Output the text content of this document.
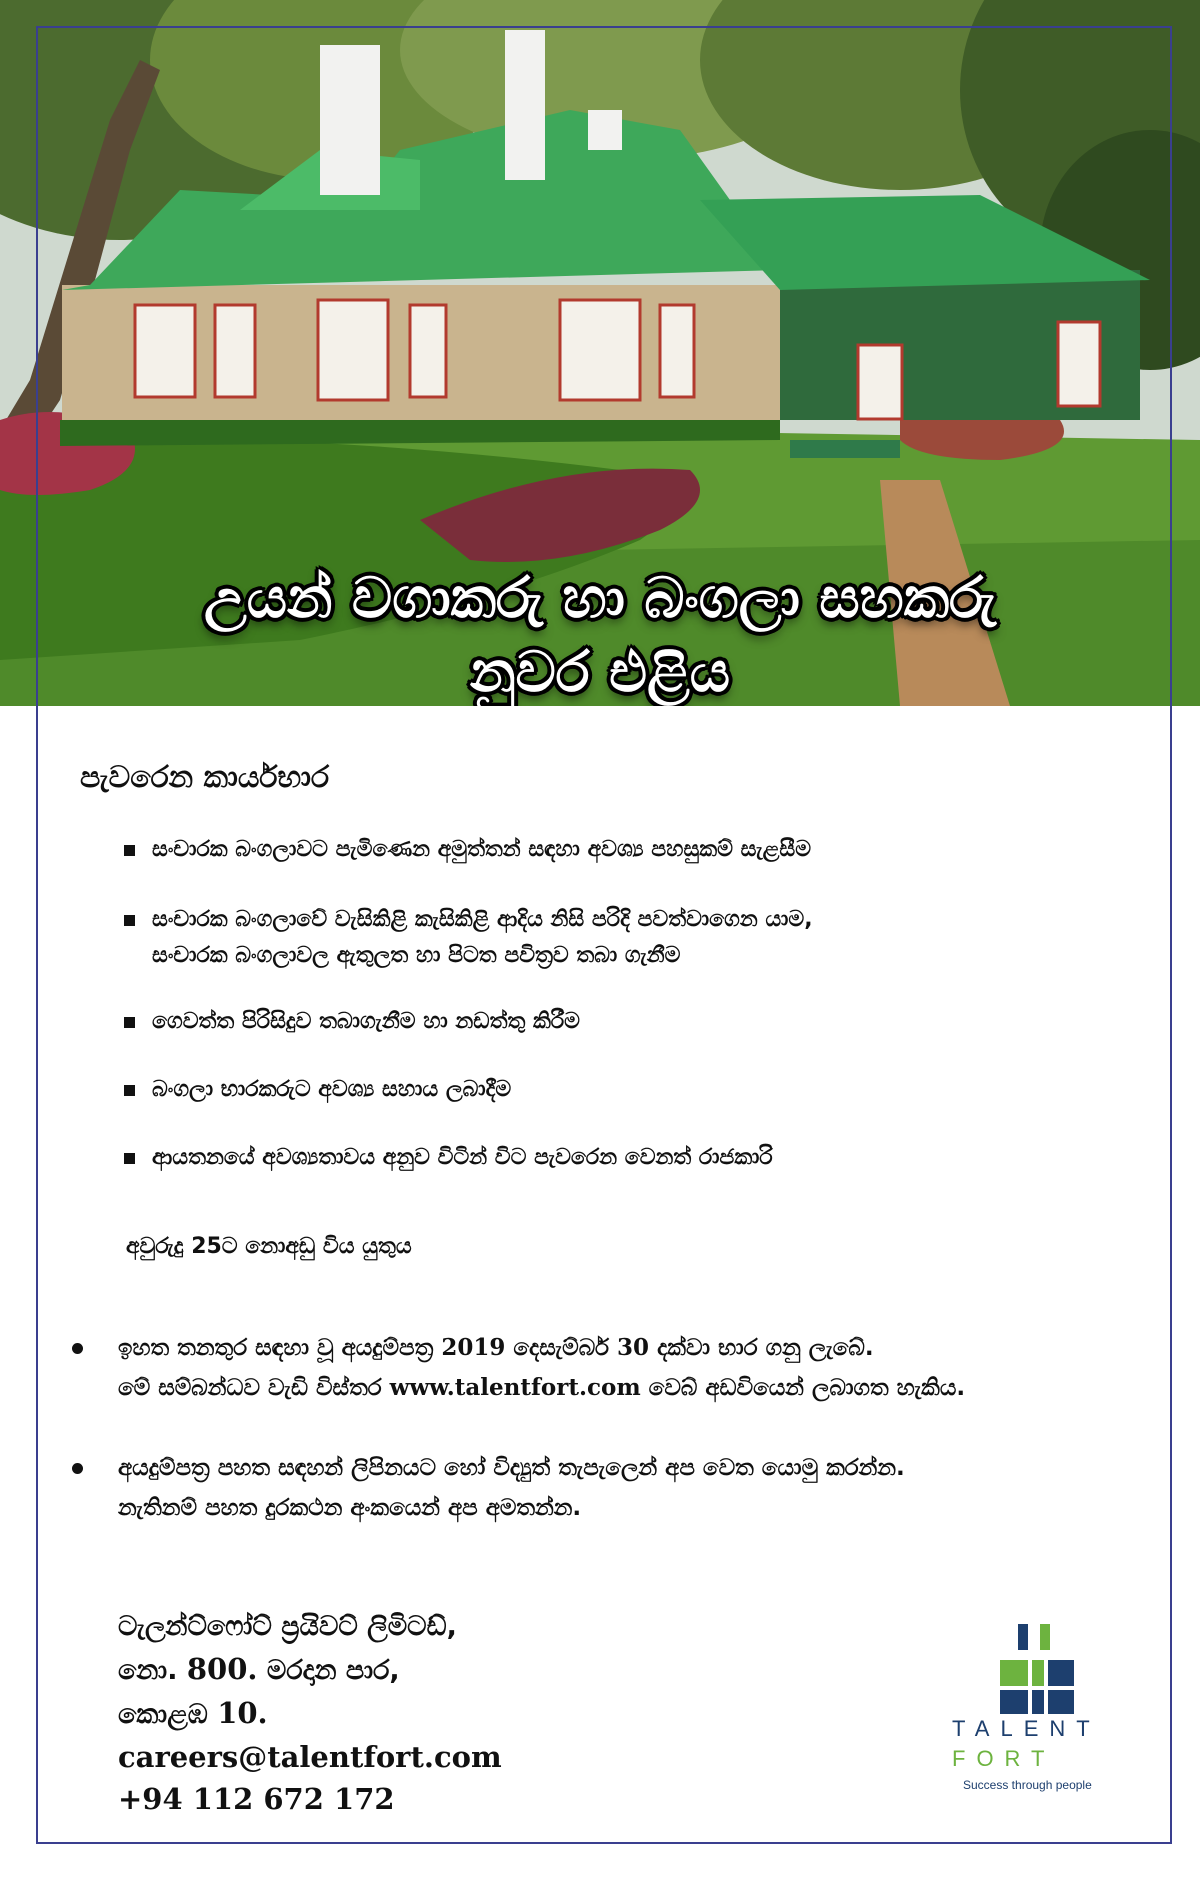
උයන් වගාකරු හා බංගලා සහකරු
නුවර එළිය
පැවරෙන කාර්යභාර
සංචාරක බංගලාවට පැමිණෙන අමුත්තන් සඳහා අවශ්‍ය පහසුකම් සැළසීම
සංචාරක බංගලාවේ වැසිකිළි කැසිකිළි ආදිය නිසි පරිදි පවත්වාගෙන යාම,
සංචාරක බංගලාවල ඇතුලත හා පිටත පවිත්‍රව තබා ගැනීම
ගෙවත්ත පිරිසිදුව තබාගැනීම හා නඩත්තු කිරීම
බංගලා භාරකරුට අවශ්‍ය සහාය ලබාදීම
ආයතනයේ අවශ්‍යතාවය අනුව විටින් විට පැවරෙන වෙනත් රාජකාරි
අවුරුදු 25ට නොඅඩු විය යුතුය
ඉහත තනතුර සඳහා වූ අයදුම්පත්‍ර 2019 දෙසැම්බර් 30 දක්වා භාර ගනු ලැබේ.
මේ සම්බන්ධව වැඩි විස්තර www.talentfort.com වෙබ් අඩවියෙන් ලබාගත හැකිය.
අයදුම්පත්‍ර පහත සඳහන් ලිපිනයට හෝ විද්‍යුත් තැපැලෙන් අප වෙත යොමු කරන්න.
නැතිනම් පහත දුරකථන අංකයෙන් අප අමතන්න.
ටැලන්ට්ෆෝට් ප්‍රයිවට් ලිමිටඩ්,
නො. 800. මරදාන පාර,
කොළඹ 10.
careers@talentfort.com
+94 112 672 172
TALENT
FORT
Success through people
